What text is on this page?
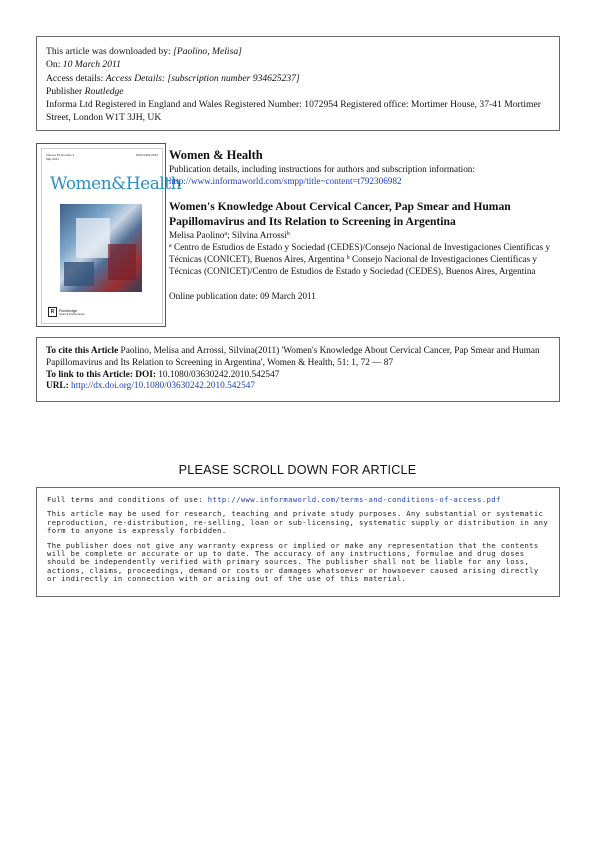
This article was downloaded by: [Paolino, Melisa]
On: 10 March 2011
Access details: Access Details: [subscription number 934625237]
Publisher Routledge
Informa Ltd Registered in England and Wales Registered Number: 1072954 Registered office: Mortimer House, 37-41 Mortimer Street, London W1T 3JH, UK
Volume 51 Number 1
May 2011
ISSN 0363-0242
Women&Health
R	Routledge
Taylor & Francis Group
Women & Health
Publication details, including instructions for authors and subscription information:
http://www.informaworld.com/smpp/title~content=t792306982
Women's Knowledge About Cervical Cancer, Pap Smear and Human Papillomavirus and Its Relation to Screening in Argentina
Melisa Paolino$^a$; Silvina Arrossi$^b$
$^a$ Centro de Estudios de Estado y Sociedad (CEDES)/Consejo Nacional de Investigaciones Científicas y Técnicas (CONICET), Buenos Aires, Argentina $^b$ Consejo Nacional de Investigaciones Científicas y Técnicas (CONICET)/Centro de Estudios de Estado y Sociedad (CEDES), Buenos Aires, Argentina
Online publication date: 09 March 2011
To cite this Article Paolino, Melisa and Arrossi, Silvina(2011) 'Women's Knowledge About Cervical Cancer, Pap Smear and Human Papillomavirus and Its Relation to Screening in Argentina', Women & Health, 51: 1, 72 — 87
To link to this Article: DOI: 10.1080/03630242.2010.542547
URL: http://dx.doi.org/10.1080/03630242.2010.542547
PLEASE SCROLL DOWN FOR ARTICLE

Full terms and conditions of use: http://www.informaworld.com/terms-and-conditions-of-access.pdf

This article may be used for research, teaching and private study purposes. Any substantial or systematic reproduction, re-distribution, re-selling, loan or sub-licensing, systematic supply or distribution in any form to anyone is expressly forbidden.

The publisher does not give any warranty express or implied or make any representation that the contents will be complete or accurate or up to date. The accuracy of any instructions, formulae and drug doses should be independently verified with primary sources. The publisher shall not be liable for any loss, actions, claims, proceedings, demand or costs or damages whatsoever or howsoever caused arising directly or indirectly in connection with or arising out of the use of this material.
